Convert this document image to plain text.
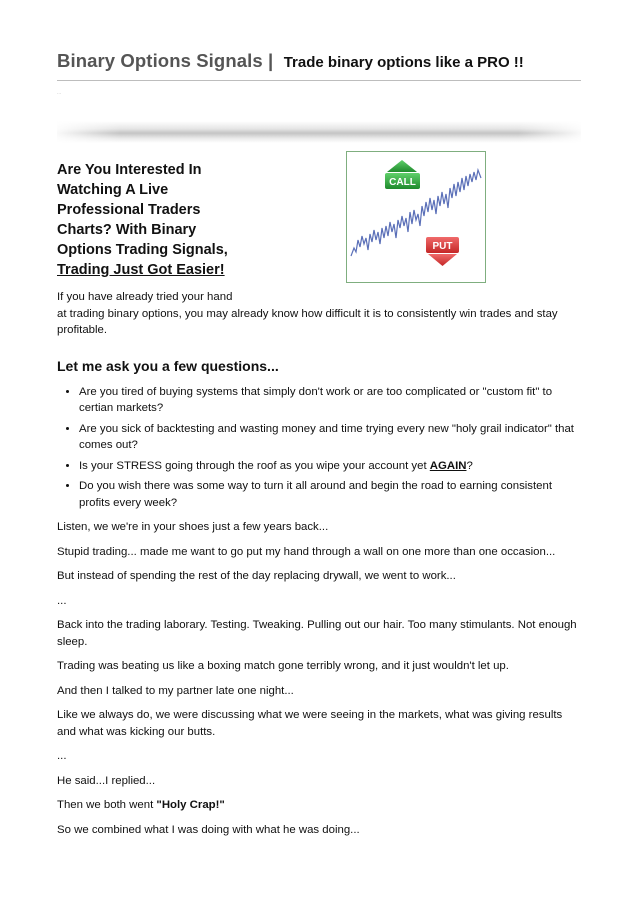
Binary Options Signals | Trade binary options like a PRO !!
...
Are You Interested In
Watching A Live
Professional Traders
Charts? With Binary
Options Trading Signals,
Trading Just Got Easier!
CALL
PUT

If you have already tried your hand
at trading binary options, you may already know how difficult it is to consistently win trades and stay profitable.

Let me ask you a few questions...
• Are you tired of buying systems that simply don't work or are too complicated or "custom fit" to certian markets?
• Are you sick of backtesting and wasting money and time trying every new "holy grail indicator" that comes out?
• Is your STRESS going through the roof as you wipe your account yet AGAIN?
• Do you wish there was some way to turn it all around and begin the road to earning consistent profits every week?

Listen, we we're in your shoes just a few years back...

Stupid trading... made me want to go put my hand through a wall on one more than one occasion...

But instead of spending the rest of the day replacing drywall, we went to work...

...

Back into the trading laborary. Testing. Tweaking. Pulling out our hair. Too many stimulants. Not enough sleep.

Trading was beating us like a boxing match gone terribly wrong, and it just wouldn't let up.

And then I talked to my partner late one night...

Like we always do, we were discussing what we were seeing in the markets, what was giving results and what was kicking our butts.

...

He said...I replied...

Then we both went "Holy Crap!"

So we combined what I was doing with what he was doing...
